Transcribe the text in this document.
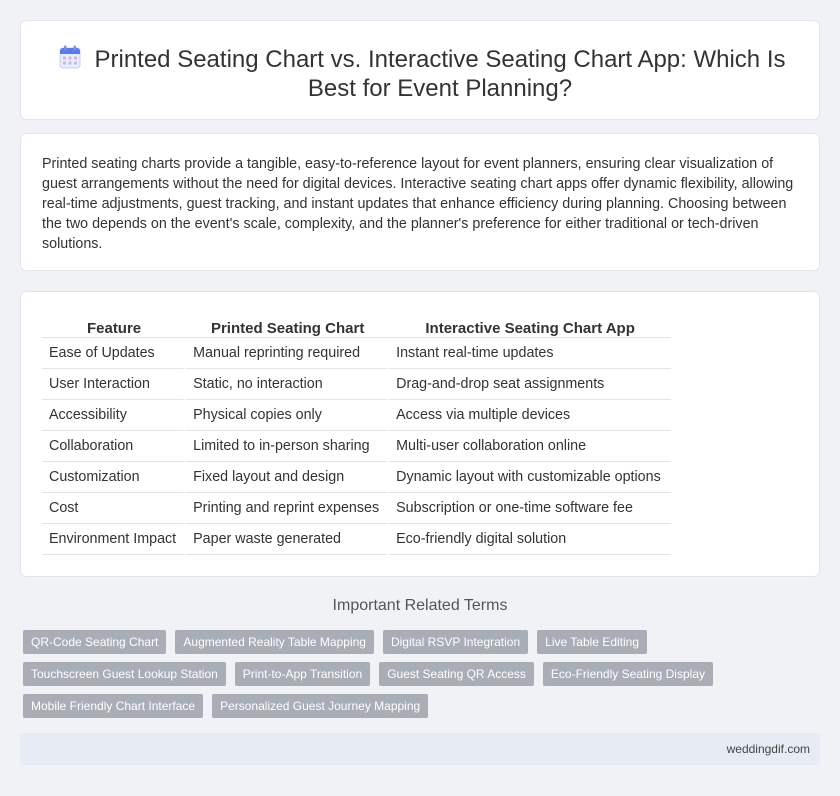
Printed Seating Chart vs. Interactive Seating Chart App: Which Is Best for Event Planning?

Printed seating charts provide a tangible, easy-to-reference layout for event planners, ensuring clear visualization of guest arrangements without the need for digital devices. Interactive seating chart apps offer dynamic flexibility, allowing real-time adjustments, guest tracking, and instant updates that enhance efficiency during planning. Choosing between the two depends on the event's scale, complexity, and the planner's preference for either traditional or tech-driven solutions.

Feature	Printed Seating Chart	Interactive Seating Chart App
Ease of Updates	Manual reprinting required	Instant real-time updates
User Interaction	Static, no interaction	Drag-and-drop seat assignments
Accessibility	Physical copies only	Access via multiple devices
Collaboration	Limited to in-person sharing	Multi-user collaboration online
Customization	Fixed layout and design	Dynamic layout with customizable options
Cost	Printing and reprint expenses	Subscription or one-time software fee
Environment Impact	Paper waste generated	Eco-friendly digital solution
Important Related Terms
QR-Code Seating Chart	Augmented Reality Table Mapping	Digital RSVP Integration	Live Table Editing
Touchscreen Guest Lookup Station	Print-to-App Transition	Guest Seating QR Access	Eco-Friendly Seating Display
Mobile Friendly Chart Interface	Personalized Guest Journey Mapping
weddingdif.com
